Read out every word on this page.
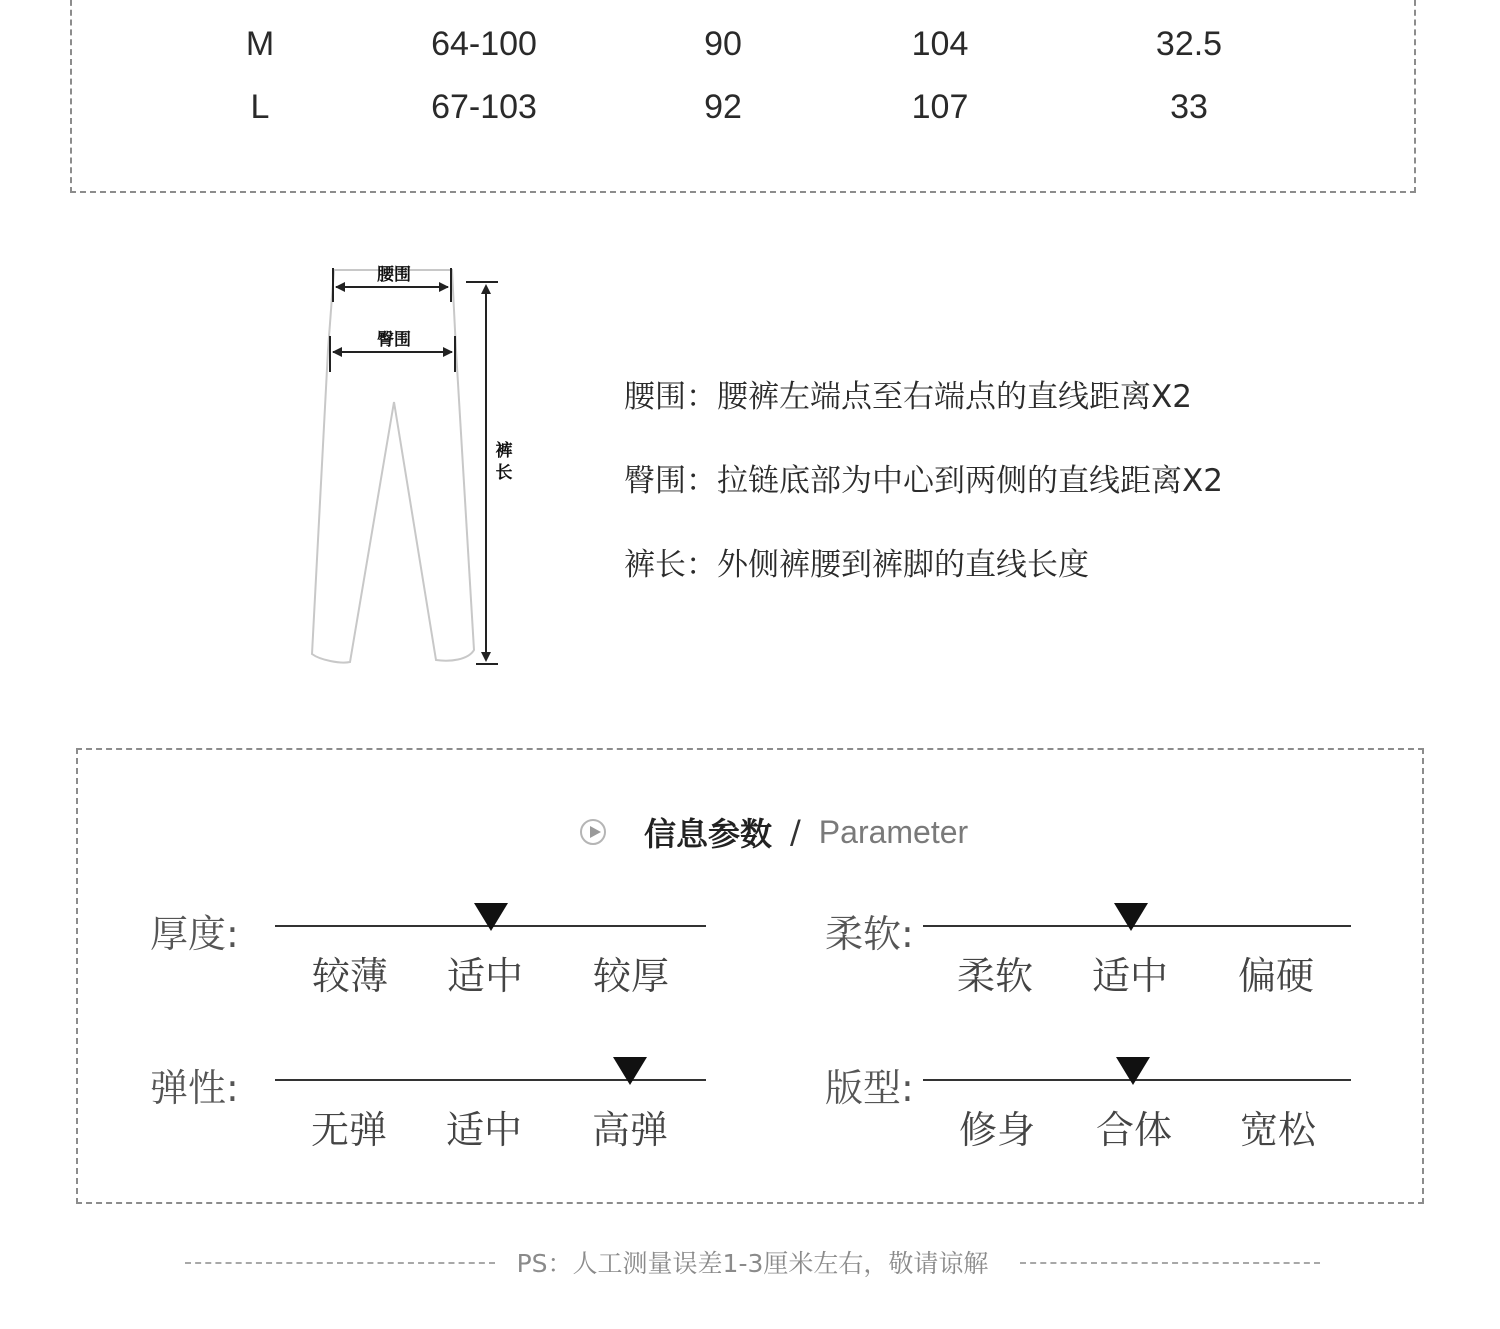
M	64-100	90	104	32.5
L	67-103	92	107	33
腰围
臀围
裤长
腰围：腰裤左端点至右端点的直线距离X2
臀围：拉链底部为中心到两侧的直线距离X2
裤长：外侧裤腰到裤脚的直线长度
信息参数 / Parameter
厚度:
较薄 适中 较厚
柔软:
柔软 适中 偏硬
弹性:
无弹 适中 高弹
版型:
修身 合体 宽松
PS：人工测量误差1-3厘米左右，敬请谅解
